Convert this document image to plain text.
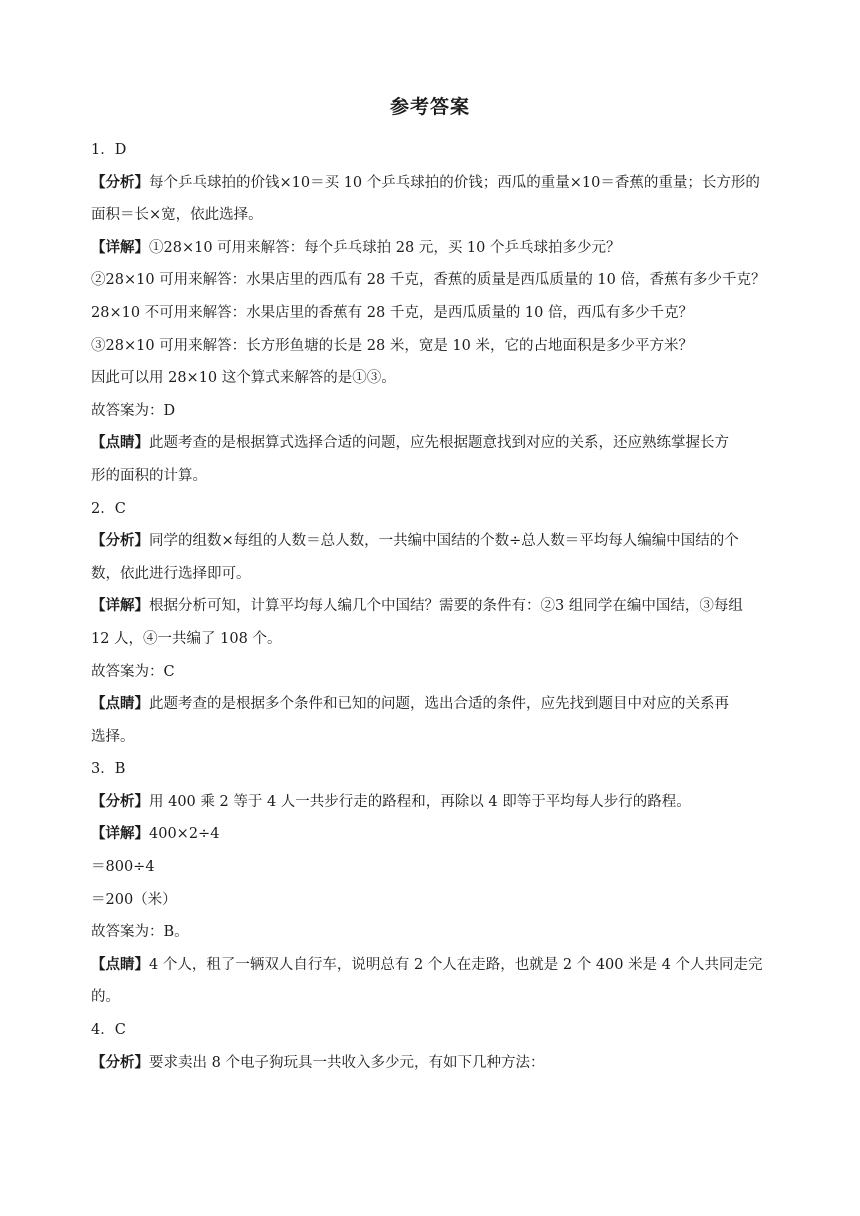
参考答案
1．D
【分析】每个乒乓球拍的价钱×10＝买 10 个乒乓球拍的价钱；西瓜的重量×10＝香蕉的重量；长方形的
面积＝长×宽，依此选择。
【详解】①28×10 可用来解答：每个乒乓球拍 28 元，买 10 个乒乓球拍多少元？
②28×10 可用来解答：水果店里的西瓜有 28 千克，香蕉的质量是西瓜质量的 10 倍，香蕉有多少千克？
28×10 不可用来解答：水果店里的香蕉有 28 千克，是西瓜质量的 10 倍，西瓜有多少千克？
③28×10 可用来解答：长方形鱼塘的长是 28 米，宽是 10 米，它的占地面积是多少平方米？
因此可以用 28×10 这个算式来解答的是①③。
故答案为：D
【点睛】此题考查的是根据算式选择合适的问题，应先根据题意找到对应的关系，还应熟练掌握长方
形的面积的计算。
2．C
【分析】同学的组数×每组的人数＝总人数，一共编中国结的个数÷总人数＝平均每人编编中国结的个
数，依此进行选择即可。
【详解】根据分析可知，计算平均每人编几个中国结？需要的条件有：②3 组同学在编中国结，③每组
12 人，④一共编了 108 个。
故答案为：C
【点睛】此题考查的是根据多个条件和已知的问题，选出合适的条件，应先找到题目中对应的关系再
选择。
3．B
【分析】用 400 乘 2 等于 4 人一共步行走的路程和，再除以 4 即等于平均每人步行的路程。
【详解】400×2÷4
＝800÷4
＝200（米）
故答案为：B。
【点睛】4 个人，租了一辆双人自行车，说明总有 2 个人在走路，也就是 2 个 400 米是 4 个人共同走完
的。
4．C
【分析】要求卖出 8 个电子狗玩具一共收入多少元，有如下几种方法：
